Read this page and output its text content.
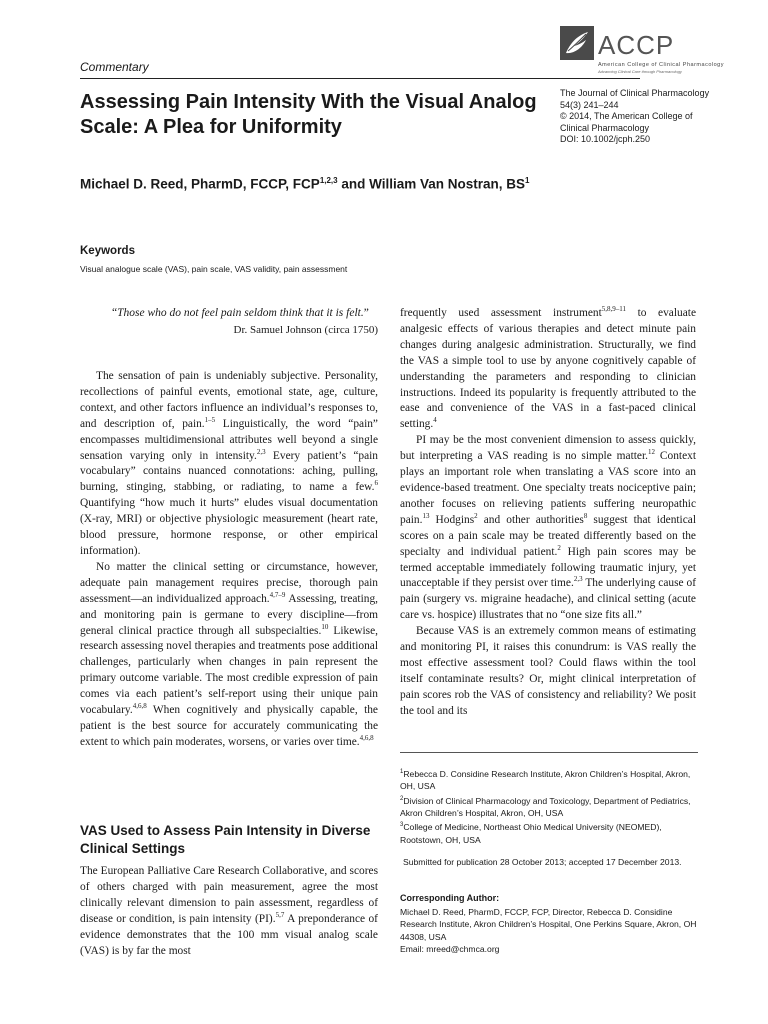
Commentary
ACCP
American College of Clinical Pharmacology
Advancing Clinical Care through Pharmacology
Assessing Pain Intensity With the Visual Analog Scale: A Plea for Uniformity
The Journal of Clinical Pharmacology
54(3) 241–244
© 2014, The American College of
Clinical Pharmacology
DOI: 10.1002/jcph.250
Michael D. Reed, PharmD, FCCP, FCP$^{1,2,3}$ and William Van Nostran, $BS^1$
Keywords
Visual analogue scale (VAS), pain scale, VAS validity, pain assessment
“Those who do not feel pain seldom think that it is felt.”
Dr. Samuel Johnson (circa 1750)

The sensation of pain is undeniably subjective. Personality, recollections of painful events, emotional state, age, culture, context, and other factors influence an individual’s responses to, and description of, pain.$^{1-5}$ Linguistically, the word “pain” encompasses multidimensional attributes well beyond a single sensation varying only in intensity.$^{2,3}$ Every patient’s “pain vocabulary” contains nuanced connotations: aching, pulling, burning, stinging, stabbing, or radiating, to name a few.$^6$ Quantifying “how much it hurts” eludes visual documentation (X-ray, MRI) or objective physiologic measurement (heart rate, blood pressure, hormone response, or other empirical information).

No matter the clinical setting or circumstance, however, adequate pain management requires precise, thorough pain assessment—an individualized approach.$^{4,7-9}$ Assessing, treating, and monitoring pain is germane to every discipline—from general clinical practice through all subspecialties.$^{10}$ Likewise, research assessing novel therapies and treatments pose additional challenges, particularly when changes in pain represent the primary outcome variable. The most credible expression of pain comes via each patient’s self-report using their unique pain vocabulary.$^{4,6,8}$ When cognitively and physically capable, the patient is the best source for accurately communicating the extent to which pain moderates, worsens, or varies over time.$^{4,6,8}$

VAS Used to Assess Pain Intensity in Diverse Clinical Settings

The European Palliative Care Research Collaborative, and scores of others charged with pain measurement, agree the most clinically relevant dimension to pain assessment, regardless of disease or condition, is pain intensity (PI).$^{5,7}$ A preponderance of evidence demonstrates that the 100 mm visual analog scale (VAS) is by far the most

frequently used assessment instrument$^{5,8,9-11}$ to evaluate analgesic effects of various therapies and detect minute pain changes during analgesic administration. Structurally, we find the VAS a simple tool to use by anyone cognitively capable of understanding the parameters and responding to clinician instructions. Indeed its popularity is frequently attributed to the ease and convenience of the VAS in a fast-paced clinical setting.$^4$

PI may be the most convenient dimension to assess quickly, but interpreting a VAS reading is no simple matter.$^{12}$ Context plays an important role when translating a VAS score into an evidence-based treatment. One specialty treats nociceptive pain; another focuses on relieving patients suffering neuropathic pain.$^{13}$ Hodgins$^2$ and other authorities$^8$ suggest that identical scores on a pain scale may be treated differently based on the specialty and individual patient.$^2$ High pain scores may be termed acceptable immediately following traumatic injury, yet unacceptable if they persist over time.$^{2,3}$ The underlying cause of pain (surgery vs. migraine headache), and clinical setting (acute care vs. hospice) illustrates that no “one size fits all.”

Because VAS is an extremely common means of estimating and monitoring PI, it raises this conundrum: is VAS really the most effective assessment tool? Could flaws within the tool itself contaminate results? Or, might clinical interpretation of pain scores rob the VAS of consistency and reliability? We posit the tool and its

$^1$Rebecca D. Considine Research Institute, Akron Children’s Hospital, Akron, OH, USA
$^2$Division of Clinical Pharmacology and Toxicology, Department of Pediatrics, Akron Children’s Hospital, Akron, OH, USA
$^3$College of Medicine, Northeast Ohio Medical University (NEOMED), Rootstown, OH, USA
Submitted for publication 28 October 2013; accepted 17 December 2013.
Corresponding Author:
Michael D. Reed, PharmD, FCCP, FCP, Director, Rebecca D. Considine Research Institute, Akron Children’s Hospital, One Perkins Square, Akron, OH 44308, USA
Email: mreed@chmca.org
